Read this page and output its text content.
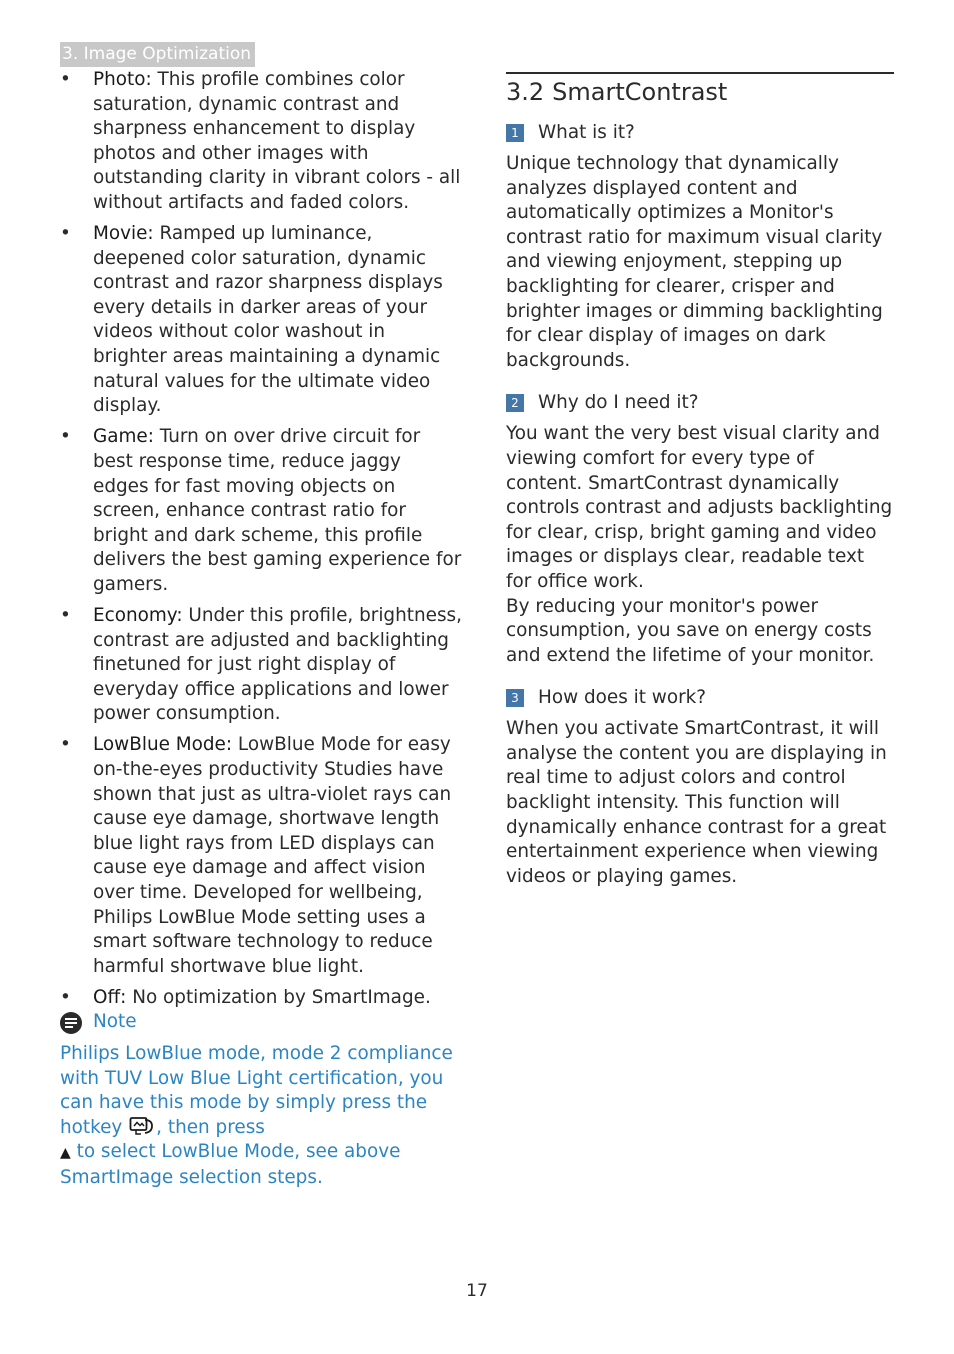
3. Image Optimization
• Photo: This profile combines color saturation, dynamic contrast and sharpness enhancement to display photos and other images with outstanding clarity in vibrant colors - all without artifacts and faded colors.
• Movie: Ramped up luminance, deepened color saturation, dynamic contrast and razor sharpness displays every details in darker areas of your videos without color washout in brighter areas maintaining a dynamic natural values for the ultimate video display.
• Game: Turn on over drive circuit for best response time, reduce jaggy edges for fast moving objects on screen, enhance contrast ratio for bright and dark scheme, this profile delivers the best gaming experience for gamers.
• Economy: Under this profile, brightness, contrast are adjusted and backlighting finetuned for just right display of everyday office applications and lower power consumption.
• LowBlue Mode: LowBlue Mode for easy on-the-eyes productivity Studies have shown that just as ultra-violet rays can cause eye damage, shortwave length blue light rays from LED displays can cause eye damage and affect vision over time. Developed for wellbeing, Philips LowBlue Mode setting uses a smart software technology to reduce harmful shortwave blue light.
• Off: No optimization by SmartImage.
Note
Philips LowBlue mode, mode 2 compliance with TUV Low Blue Light certification, you can have this mode by simply press the hotkey , then press
▲ to select LowBlue Mode, see above SmartImage selection steps.
3.2 SmartContrast
1 What is it?

Unique technology that dynamically analyzes displayed content and automatically optimizes a Monitor's contrast ratio for maximum visual clarity and viewing enjoyment, stepping up backlighting for clearer, crisper and brighter images or dimming backlighting for clear display of images on dark backgrounds.

2 Why do I need it?

You want the very best visual clarity and viewing comfort for every type of content. SmartContrast dynamically controls contrast and adjusts backlighting for clear, crisp, bright gaming and video images or displays clear, readable text for office work.

By reducing your monitor's power consumption, you save on energy costs and extend the lifetime of your monitor.

3 How does it work?

When you activate SmartContrast, it will analyse the content you are displaying in real time to adjust colors and control backlight intensity. This function will dynamically enhance contrast for a great entertainment experience when viewing videos or playing games.

17
